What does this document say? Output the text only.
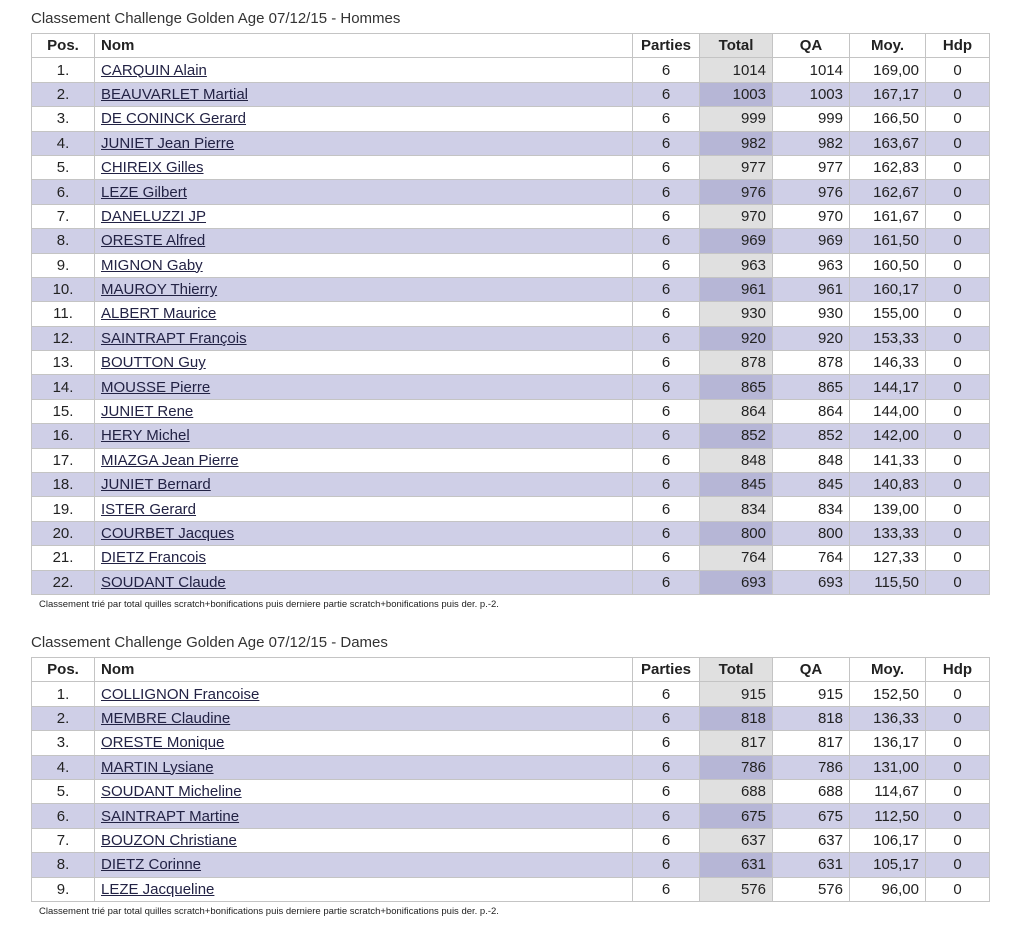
Classement Challenge Golden Age 07/12/15 - Hommes
Pos.	Nom	Parties	Total	QA	Moy.	Hdp
1.	CARQUIN Alain	6	1014	1014	169,00	0
2.	BEAUVARLET Martial	6	1003	1003	167,17	0
3.	DE CONINCK Gerard	6	999	999	166,50	0
4.	JUNIET Jean Pierre	6	982	982	163,67	0
5.	CHIREIX Gilles	6	977	977	162,83	0
6.	LEZE Gilbert	6	976	976	162,67	0
7.	DANELUZZI JP	6	970	970	161,67	0
8.	ORESTE Alfred	6	969	969	161,50	0
9.	MIGNON Gaby	6	963	963	160,50	0
10.	MAUROY Thierry	6	961	961	160,17	0
11.	ALBERT Maurice	6	930	930	155,00	0
12.	SAINTRAPT François	6	920	920	153,33	0
13.	BOUTTON Guy	6	878	878	146,33	0
14.	MOUSSE Pierre	6	865	865	144,17	0
15.	JUNIET Rene	6	864	864	144,00	0
16.	HERY Michel	6	852	852	142,00	0
17.	MIAZGA Jean Pierre	6	848	848	141,33	0
18.	JUNIET Bernard	6	845	845	140,83	0
19.	ISTER Gerard	6	834	834	139,00	0
20.	COURBET Jacques	6	800	800	133,33	0
21.	DIETZ Francois	6	764	764	127,33	0
22.	SOUDANT Claude	6	693	693	115,50	0
Classement trié par total quilles scratch+bonifications puis derniere partie scratch+bonifications puis der. p.-2.
Classement Challenge Golden Age 07/12/15 - Dames
Pos.	Nom	Parties	Total	QA	Moy.	Hdp
1.	COLLIGNON Francoise	6	915	915	152,50	0
2.	MEMBRE Claudine	6	818	818	136,33	0
3.	ORESTE Monique	6	817	817	136,17	0
4.	MARTIN Lysiane	6	786	786	131,00	0
5.	SOUDANT Micheline	6	688	688	114,67	0
6.	SAINTRAPT Martine	6	675	675	112,50	0
7.	BOUZON Christiane	6	637	637	106,17	0
8.	DIETZ Corinne	6	631	631	105,17	0
9.	LEZE Jacqueline	6	576	576	96,00	0
Classement trié par total quilles scratch+bonifications puis derniere partie scratch+bonifications puis der. p.-2.
